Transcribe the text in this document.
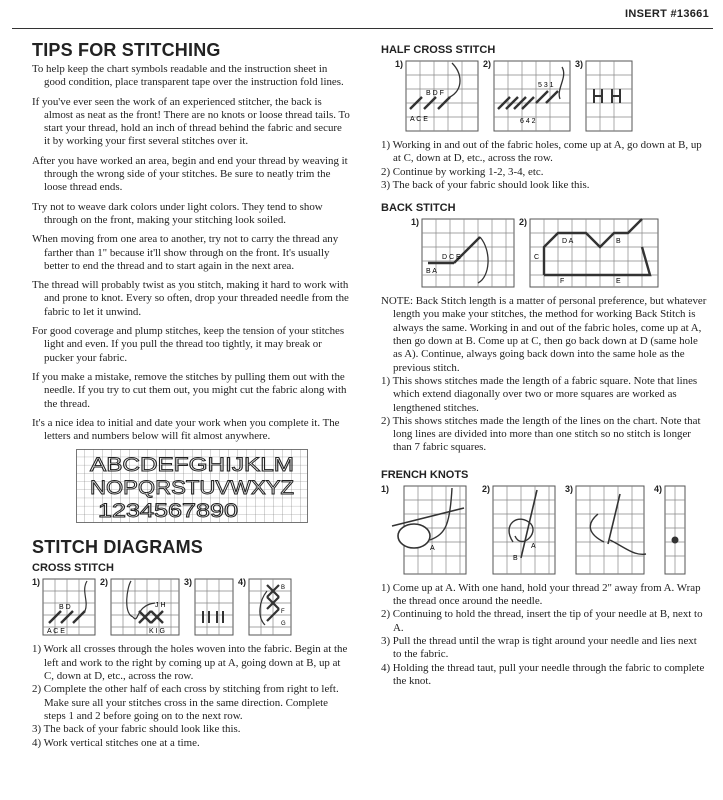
INSERT #13661
TIPS FOR STITCHING

To help keep the chart symbols readable and the instruction sheet in good condition, place transparent tape over the instruction fold lines.

If you've ever seen the work of an experienced stitcher, the back is almost as neat as the front! There are no knots or loose thread tails. To start your thread, hold an inch of thread behind the fabric and secure it by working your first several stitches over it.

After you have worked an area, begin and end your thread by weaving it through the wrong side of your stitches. Be sure to neatly trim the loose thread ends.

Try not to weave dark colors under light colors. They tend to show through on the front, making your stitching look soiled.

When moving from one area to another, try not to carry the thread any farther than 1" because it'll show through on the front. It's usually better to end the thread and to start again in the next area.

The thread will probably twist as you stitch, making it hard to work with and prone to knot. Every so often, drop your threaded needle from the fabric to let it unwind.

For good coverage and plump stitches, keep the tension of your stitches light and even. If you pull the thread too tightly, it may break or pucker your fabric.

If you make a mistake, remove the stitches by pulling them out with the needle. If you try to cut them out, you might cut the fabric along with the thread.

It's a nice idea to initial and date your work when you complete it. The letters and numbers below will fit almost anywhere.

ABCDEFGHIJKLM
NOPQRSTUVWXYZ
1234567890
STITCH DIAGRAMS
CROSS STITCH
1)
A C E
B D
2)
J H
K I G
3)	4)
B
F
G
1) Work all crosses through the holes woven into the fabric. Begin at the left and work to the right by coming up at A, going down at B, up at C, down at D, etc., across the row.
2) Complete the other half of each cross by stitching from right to left. Make sure all your stitches cross in the same direction. Complete steps 1 and 2 before going on to the next row.
3) The back of your fabric should look like this.
4) Work vertical stitches one at a time.
HALF CROSS STITCH
1)
B D F
A C E
2)
5 3 1
6 4 2
3)
1) Working in and out of the fabric holes, come up at A, go down at B, up at C, down at D, etc., across the row.
2) Continue by working 1-2, 3-4, etc.
3) The back of your fabric should look like this.
BACK STITCH
1)
D C E
B A
2)
D A	B
C
F	E

NOTE: Back Stitch length is a matter of personal preference, but whatever length you make your stitches, the method for working Back Stitch is always the same. Working in and out of the fabric holes, come up at A, then go down at B. Come up at C, then go back down at D (same hole as A). Continue, always going back down into the same hole as the previous stitch.

1) This shows stitches made the length of a fabric square. Note that lines which extend diagonally over two or more squares are worked as lengthened stitches.
2) This shows stitches made the length of the lines on the chart. Note that long lines are divided into more than one stitch so no stitch is longer than 7 fabric squares.
FRENCH KNOTS
1)
A
2)
B
A
3)	4)
1) Come up at A. With one hand, hold your thread 2" away from A. Wrap the thread once around the needle.
2) Continuing to hold the thread, insert the tip of your needle at B, next to A.
3) Pull the thread until the wrap is tight around your needle and lies next to the fabric.
4) Holding the thread taut, pull your needle through the fabric to complete the knot.
